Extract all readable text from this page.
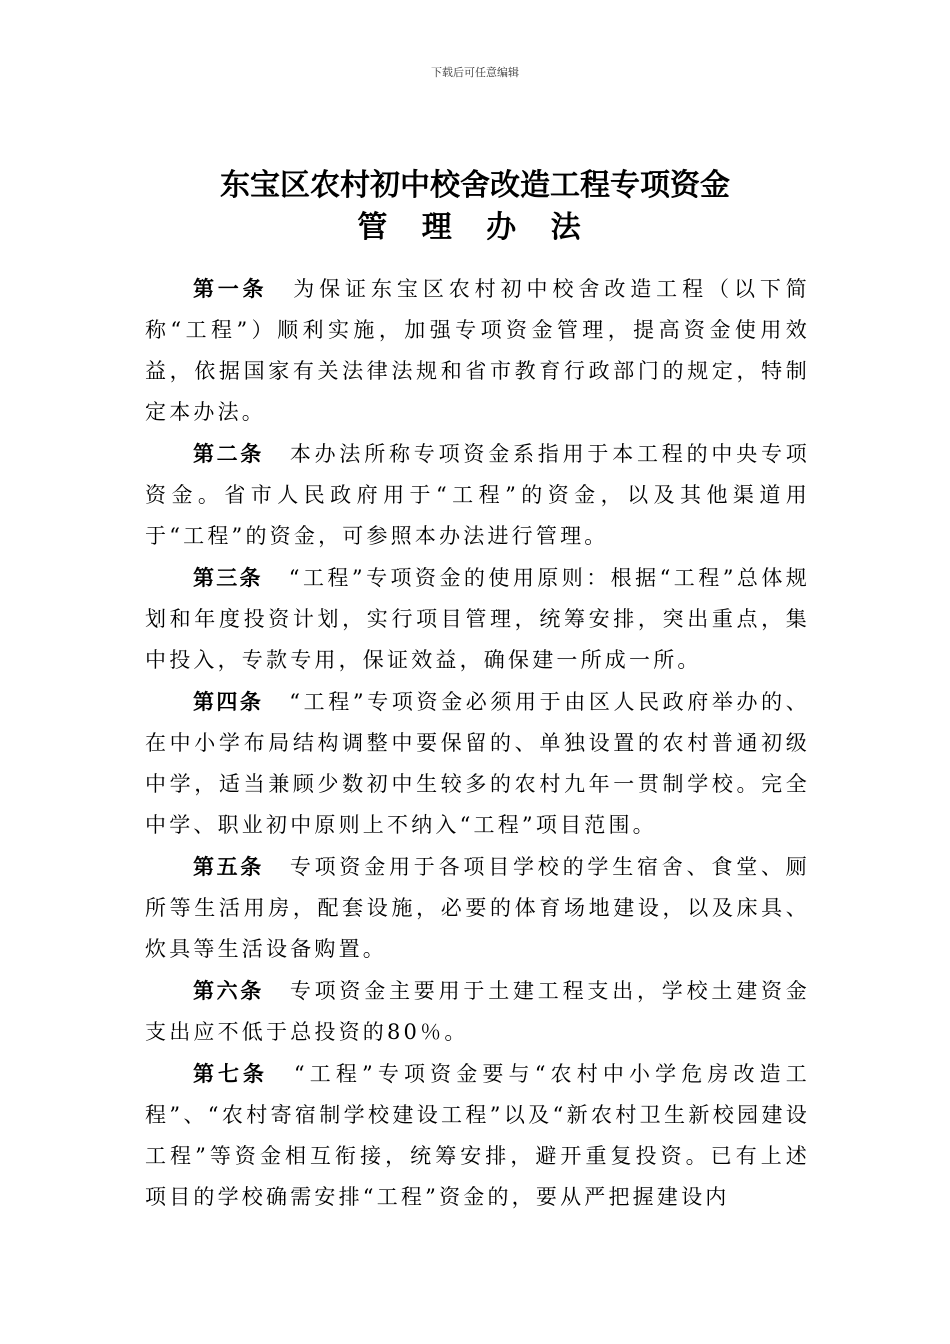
下载后可任意编辑
东宝区农村初中校舍改造工程专项资金
管 理 办 法

第一条 为保证东宝区农村初中校舍改造工程（以下简称“工程”）顺利实施，加强专项资金管理，提高资金使用效益，依据国家有关法律法规和省市教育行政部门的规定，特制定本办法。

第二条 本办法所称专项资金系指用于本工程的中央专项资金。省市人民政府用于“工程”的资金，以及其他渠道用于“工程”的资金，可参照本办法进行管理。

第三条 “工程”专项资金的使用原则：根据“工程”总体规划和年度投资计划，实行项目管理，统筹安排，突出重点，集中投入，专款专用，保证效益，确保建一所成一所。

第四条 “工程”专项资金必须用于由区人民政府举办的、在中小学布局结构调整中要保留的、单独设置的农村普通初级中学，适当兼顾少数初中生较多的农村九年一贯制学校。完全中学、职业初中原则上不纳入“工程”项目范围。

第五条 专项资金用于各项目学校的学生宿舍、食堂、厕所等生活用房，配套设施，必要的体育场地建设，以及床具、炊具等生活设备购置。

第六条 专项资金主要用于土建工程支出，学校土建资金支出应不低于总投资的80％。

第七条 “工程”专项资金要与“农村中小学危房改造工程”、“农村寄宿制学校建设工程”以及“新农村卫生新校园建设工程”等资金相互衔接，统筹安排，避开重复投资。已有上述项目的学校确需安排“工程”资金的，要从严把握建设内
